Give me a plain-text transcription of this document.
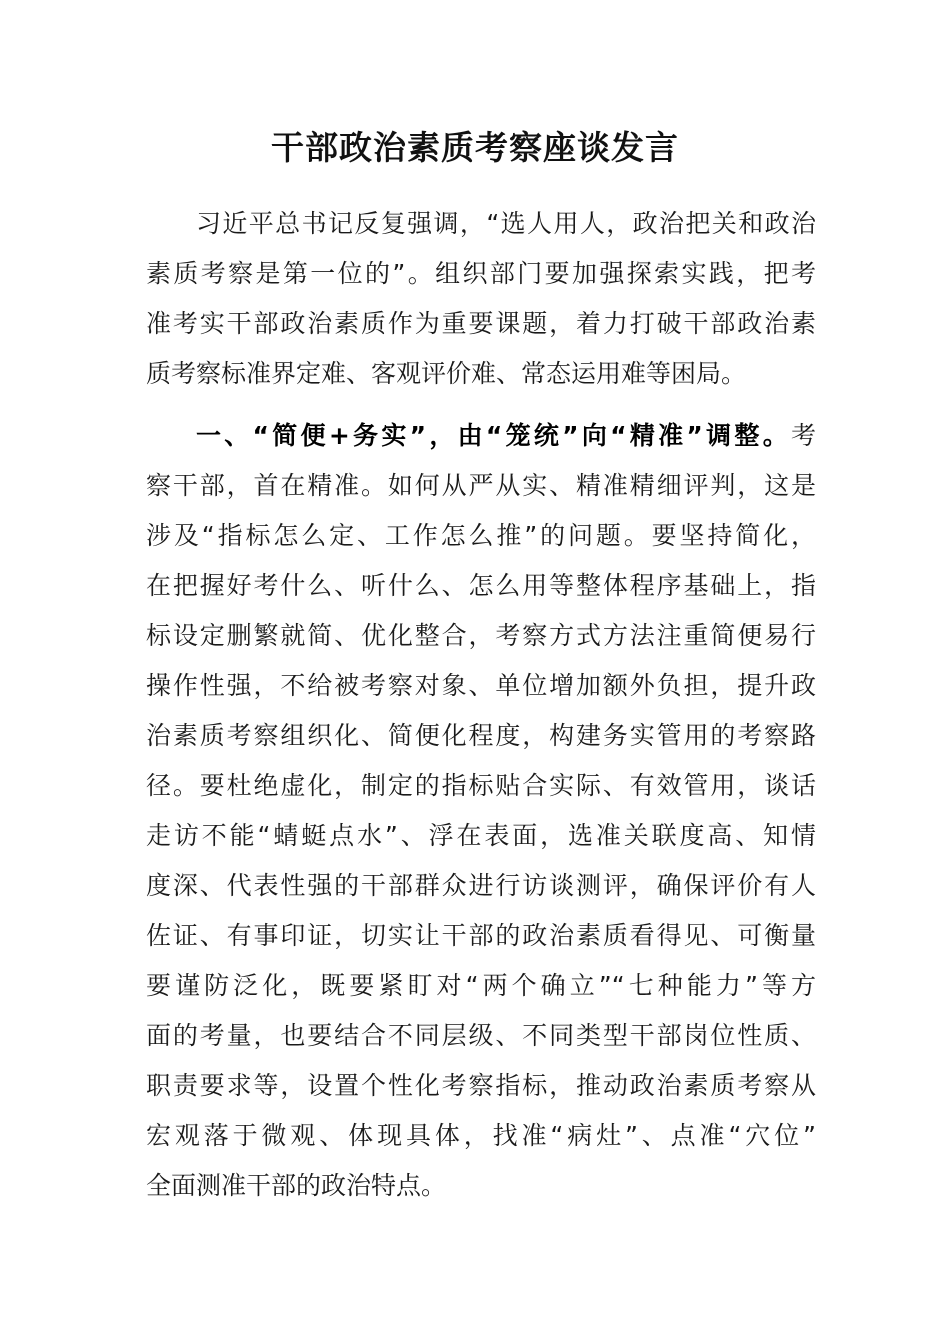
干部政治素质考察座谈发言

习近平总书记反复强调，“选人用人，政治把关和政治

素质考察是第一位的”。组织部门要加强探索实践，把考

准考实干部政治素质作为重要课题，着力打破干部政治素

质考察标准界定难、客观评价难、常态运用难等困局。

一、“简便+务实”，由“笼统”向“精准”调整。考

察干部，首在精准。如何从严从实、精准精细评判，这是

涉及“指标怎么定、工作怎么推”的问题。要坚持简化，

在把握好考什么、听什么、怎么用等整体程序基础上，指

标设定删繁就简、优化整合，考察方式方法注重简便易行

操作性强，不给被考察对象、单位增加额外负担，提升政

治素质考察组织化、简便化程度，构建务实管用的考察路

径。要杜绝虚化，制定的指标贴合实际、有效管用，谈话

走访不能“蜻蜓点水”、浮在表面，选准关联度高、知情

度深、代表性强的干部群众进行访谈测评，确保评价有人

佐证、有事印证，切实让干部的政治素质看得见、可衡量

要谨防泛化，既要紧盯对“两个确立”“七种能力”等方

面的考量，也要结合不同层级、不同类型干部岗位性质、

职责要求等，设置个性化考察指标，推动政治素质考察从

宏观落于微观、体现具体，找准“病灶”、点准“穴位”

全面测准干部的政治特点。
